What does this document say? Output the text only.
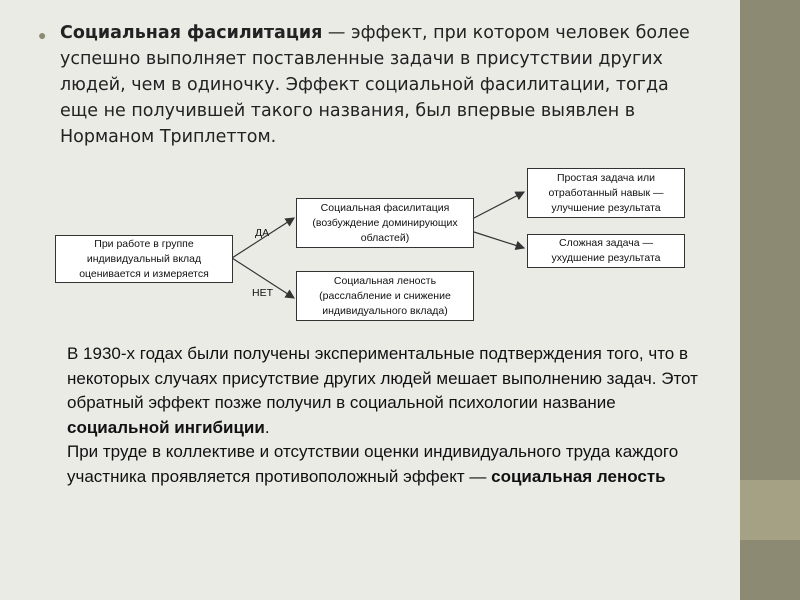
● Социальная фасилитация — эффект, при котором человек более успешно выполняет поставленные задачи в присутствии других людей, чем в одиночку. Эффект социальной фасилитации, тогда еще не получившей такого названия, был впервые выявлен в Норманом Триплеттом.

При работе в группе
индивидуальный вклад
оценивается и измеряется
ДА
НЕТ
Социальная фасилитация
(возбуждение доминирующих
областей)
Социальная леность
(расслабление и снижение
индивидуального вклада)
Простая задача или
отработанный навык —
улучшение результата
Сложная задача —
ухудшение результата

В 1930-х годах были получены экспериментальные подтверждения того, что в некоторых случаях присутствие других людей мешает выполнению задач. Этот обратный эффект позже получил в социальной психологии название социальной ингибиции.

При труде в коллективе и отсутствии оценки индивидуального труда каждого участника проявляется противоположный эффект — социальная леность
